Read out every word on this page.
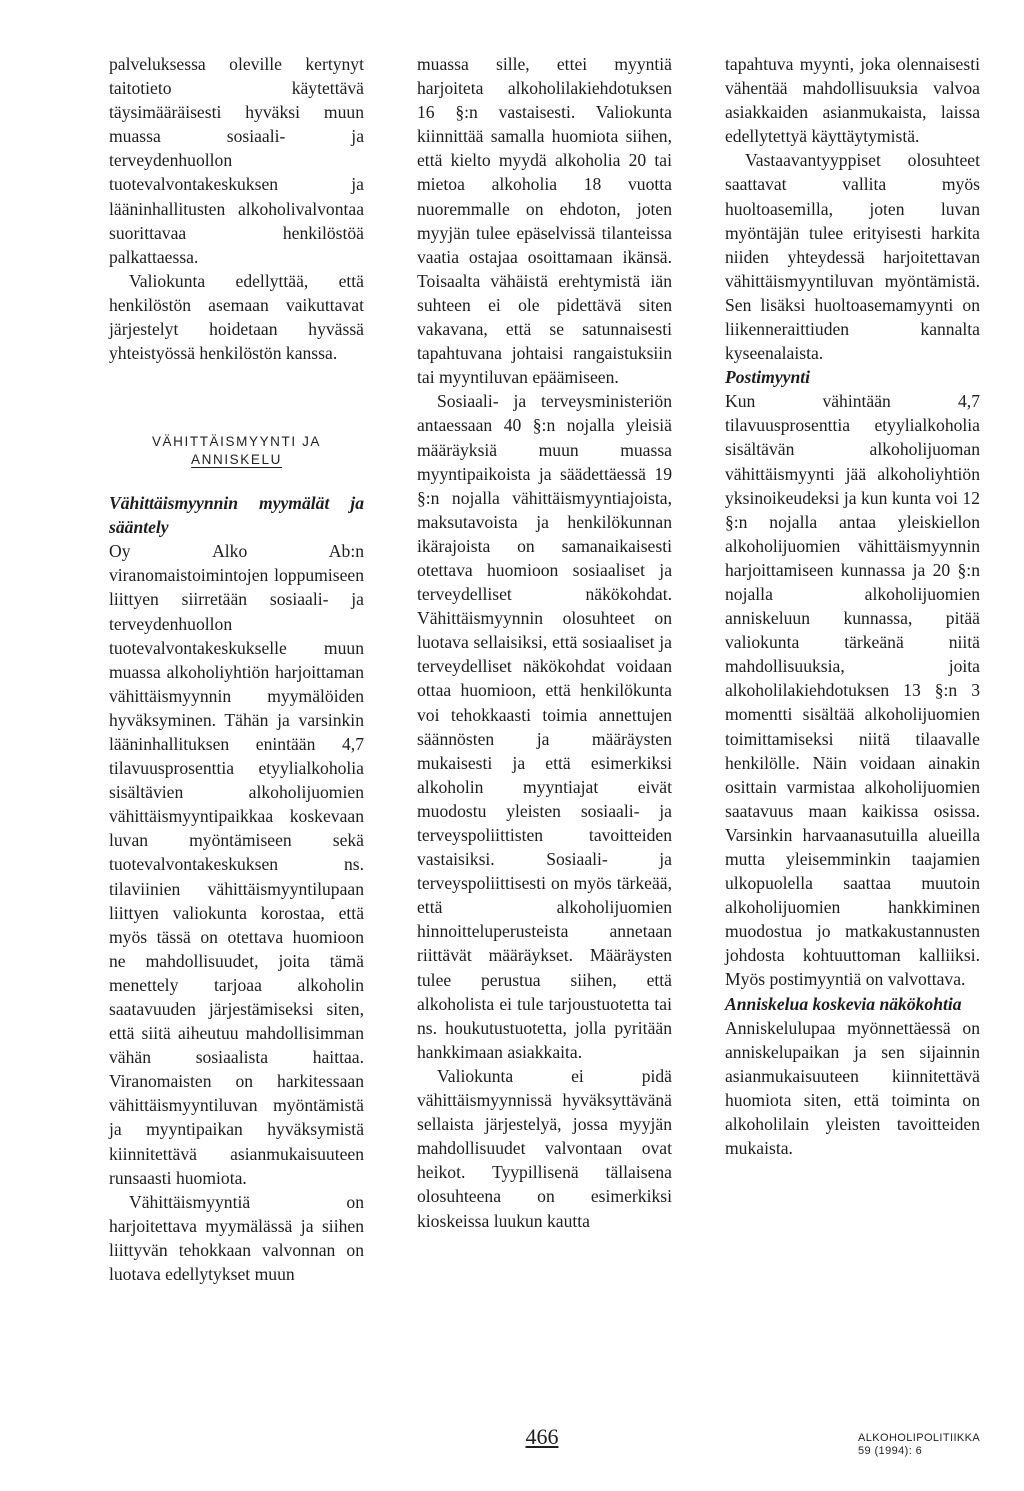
palveluksessa oleville kertynyt taitotieto käytettävä täysimääräisesti hyväksi muun muassa sosiaali- ja terveydenhuollon tuotevalvontakeskuksen ja lääninhallitusten alkoholivalvontaa suorittavaa henkilöstöä palkattaessa.

Valiokunta edellyttää, että henkilöstön asemaan vaikuttavat järjestelyt hoidetaan hyvässä yhteistyössä henkilöstön kanssa.

VÄHITTÄISMYYNTI JA
ANNISKELU

Vähittäismyynnin myymälät ja sääntely

Oy Alko Ab:n viranomaistoimintojen loppumiseen liittyen siirretään sosiaali- ja terveydenhuollon tuotevalvontakeskukselle muun muassa alkoholiyhtiön harjoittaman vähittäismyynnin myymälöiden hyväksyminen. Tähän ja varsinkin lääninhallituksen enintään 4,7 tilavuusprosenttia etyylialkoholia sisältävien alkoholijuomien vähittäismyyntipaikkaa koskevaan luvan myöntämiseen sekä tuotevalvontakeskuksen ns. tilaviinien vähittäismyyntilupaan liittyen valiokunta korostaa, että myös tässä on otettava huomioon ne mahdollisuudet, joita tämä menettely tarjoaa alkoholin saatavuuden järjestämiseksi siten, että siitä aiheutuu mahdollisimman vähän sosiaalista haittaa. Viranomaisten on harkitessaan vähittäismyyntiluvan myöntämistä ja myyntipaikan hyväksymistä kiinnitettävä asianmukaisuuteen runsaasti huomiota.

Vähittäismyyntiä on harjoitettava myymälässä ja siihen liittyvän tehokkaan valvonnan on luotava edellytykset muun

muassa sille, ettei myyntiä harjoiteta alkoholilakiehdotuksen 16 §:n vastaisesti. Valiokunta kiinnittää samalla huomiota siihen, että kielto myydä alkoholia 20 tai mietoa alkoholia 18 vuotta nuoremmalle on ehdoton, joten myyjän tulee epäselvissä tilanteissa vaatia ostajaa osoittamaan ikänsä. Toisaalta vähäistä erehtymistä iän suhteen ei ole pidettävä siten vakavana, että se satunnaisesti tapahtuvana johtaisi rangaistuksiin tai myyntiluvan epäämiseen.

Sosiaali- ja terveysministeriön antaessaan 40 §:n nojalla yleisiä määräyksiä muun muassa myyntipaikoista ja säädettäessä 19 §:n nojalla vähittäismyyntiajoista, maksutavoista ja henkilökunnan ikärajoista on samanaikaisesti otettava huomioon sosiaaliset ja terveydelliset näkökohdat. Vähittäismyynnin olosuhteet on luotava sellaisiksi, että sosiaaliset ja terveydelliset näkökohdat voidaan ottaa huomioon, että henkilökunta voi tehokkaasti toimia annettujen säännösten ja määräysten mukaisesti ja että esimerkiksi alkoholin myyntiajat eivät muodostu yleisten sosiaali- ja terveyspoliittisten tavoitteiden vastaisiksi. Sosiaali- ja terveyspoliittisesti on myös tärkeää, että alkoholijuomien hinnoitteluperusteista annetaan riittävät määräykset. Määräysten tulee perustua siihen, että alkoholista ei tule tarjoustuotetta tai ns. houkutustuotetta, jolla pyritään hankkimaan asiakkaita.

Valiokunta ei pidä vähittäismyynnissä hyväksyttävänä sellaista järjestelyä, jossa myyjän mahdollisuudet valvontaan ovat heikot. Tyypillisenä tällaisena olosuhteena on esimerkiksi kioskeissa luukun kautta

tapahtuva myynti, joka olennaisesti vähentää mahdollisuuksia valvoa asiakkaiden asianmukaista, laissa edellytettyä käyttäytymistä.

Vastaavantyyppiset olosuhteet saattavat vallita myös huoltoasemilla, joten luvan myöntäjän tulee erityisesti harkita niiden yhteydessä harjoitettavan vähittäismyyntiluvan myöntämistä. Sen lisäksi huoltoasemamyynti on liikenneraittiuden kannalta kyseenalaista.

Postimyynti

Kun vähintään 4,7 tilavuusprosenttia etyylialkoholia sisältävän alkoholijuoman vähittäismyynti jää alkoholiyhtiön yksinoikeudeksi ja kun kunta voi 12 §:n nojalla antaa yleiskiellon alkoholijuomien vähittäismyynnin harjoittamiseen kunnassa ja 20 §:n nojalla alkoholijuomien anniskeluun kunnassa, pitää valiokunta tärkeänä niitä mahdollisuuksia, joita alkoholilakiehdotuksen 13 §:n 3 momentti sisältää alkoholijuomien toimittamiseksi niitä tilaavalle henkilölle. Näin voidaan ainakin osittain varmistaa alkoholijuomien saatavuus maan kaikissa osissa. Varsinkin harvaanasutuilla alueilla mutta yleisemminkin taajamien ulkopuolella saattaa muutoin alkoholijuomien hankkiminen muodostua jo matkakustannusten johdosta kohtuuttoman kalliiksi. Myös postimyyntiä on valvottava.

Anniskelua koskevia näkökohtia

Anniskelulupaa myönnettäessä on anniskelupaikan ja sen sijainnin asianmukaisuuteen kiinnitettävä huomiota siten, että toiminta on alkoholilain yleisten tavoitteiden mukaista.

466	ALKOHOLIPOLITIIKKA
59 (1994): 6
